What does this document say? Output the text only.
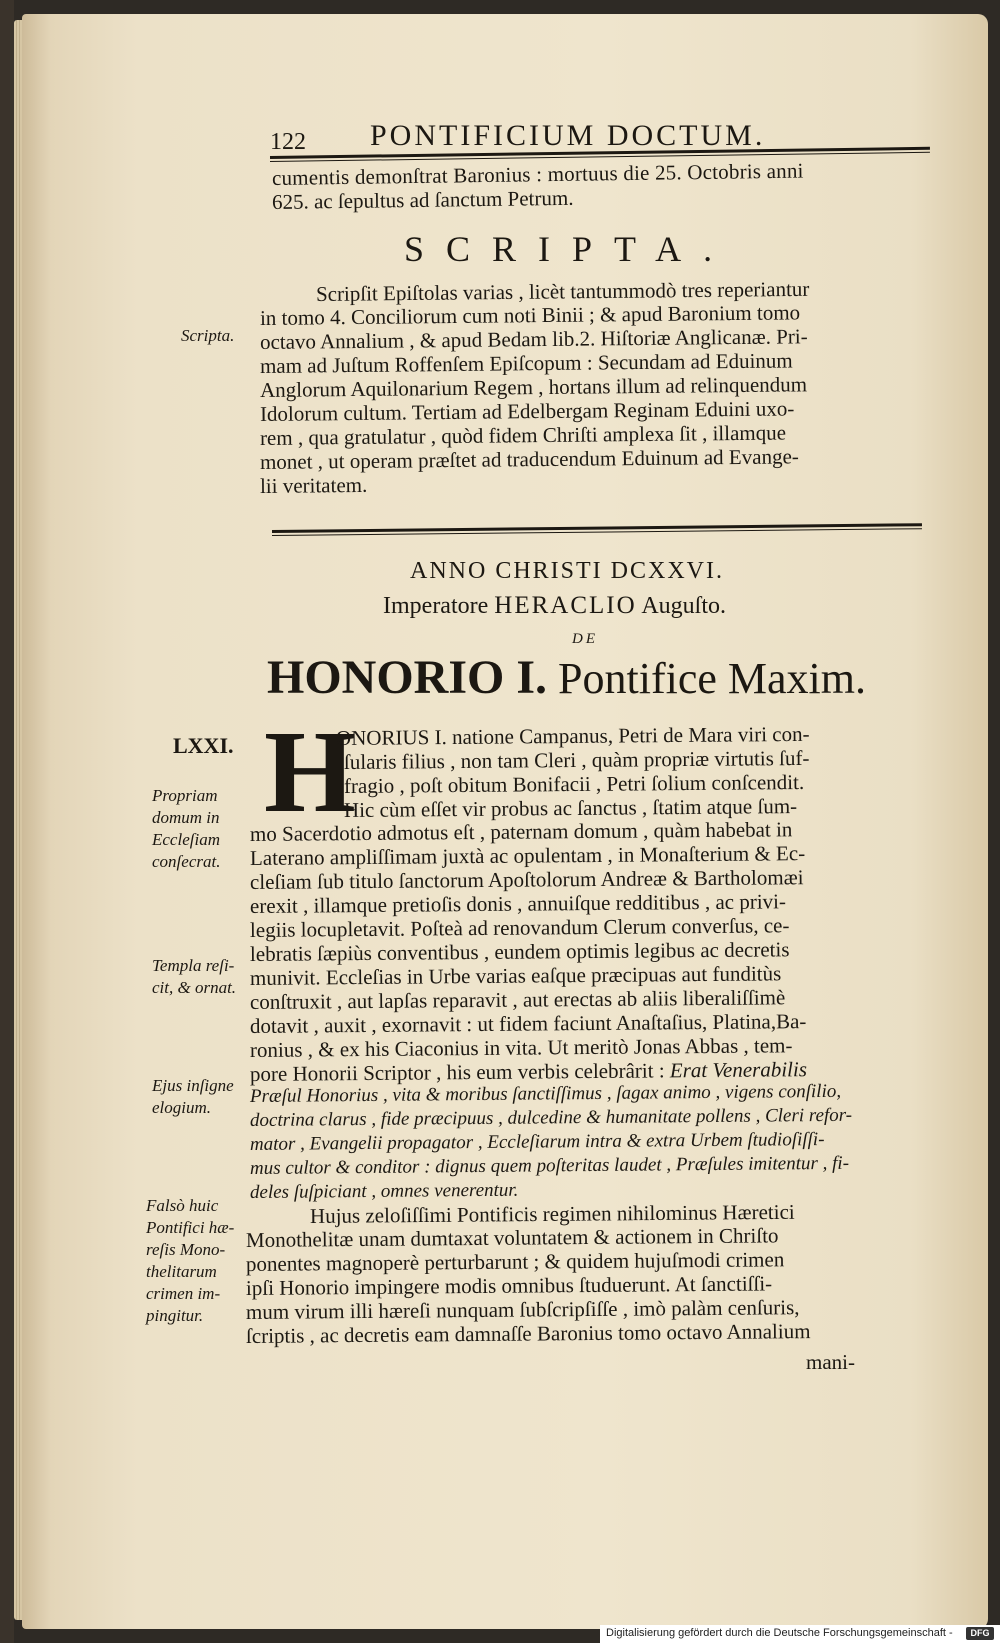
122 PONTIFICIUM DOCTUM.
cumentis demonſtrat Baronius : mortuus die 25. Octobris anni
625. ac ſepultus ad ſanctum Petrum.
SCRIPTA.
Scripta.
Scripſit Epiſtolas varias , licèt tantummodò tres reperiantur
in tomo 4. Conciliorum cum noti Binii ; & apud Baronium tomo
octavo Annalium , & apud Bedam lib.2. Hiſtoriæ Anglicanæ. Pri-
mam ad Juſtum Roffenſem Epiſcopum : Secundam ad Eduinum
Anglorum Aquilonarium Regem , hortans illum ad relinquendum
Idolorum cultum. Tertiam ad Edelbergam Reginam Eduini uxo-
rem , qua gratulatur , quòd fidem Chriſti amplexa ſit , illamque
monet , ut operam præſtet ad traducendum Eduinum ad Evange-
lii veritatem.
ANNO CHRISTI DCXXVI.
Imperatore HERACLIO Auguſto.
DE
HONORIO I. Pontifice Maxim.
LXXI. H
ONORIUS I. natione Campanus, Petri de Mara viri con-
ſularis filius , non tam Cleri , quàm propriæ virtutis ſuf-
fragio , poſt obitum Bonifacii , Petri ſolium conſcendit.
Hic cùm eſſet vir probus ac ſanctus , ſtatim atque ſum-
mo Sacerdotio admotus eſt , paternam domum , quàm habebat in
Laterano ampliſſimam juxtà ac opulentam , in Monaſterium & Ec-
cleſiam ſub titulo ſanctorum Apoſtolorum Andreæ & Bartholomæi
erexit , illamque pretioſis donis , annuiſque redditibus , ac privi-
legiis locupletavit. Poſteà ad renovandum Clerum converſus, ce-
lebratis ſæpiùs conventibus , eundem optimis legibus ac decretis
munivit. Eccleſias in Urbe varias eaſque præcipuas aut funditùs
conſtruxit , aut lapſas reparavit , aut erectas ab aliis liberaliſſimè
dotavit , auxit , exornavit : ut fidem faciunt Anaſtaſius, Platina,Ba-
ronius , & ex his Ciaconius in vita. Ut meritò Jonas Abbas , tem-
pore Honorii Scriptor , his eum verbis celebrârit : Erat Venerabilis
Præſul Honorius , vita & moribus ſanctiſſimus , ſagax animo , vigens conſilio,
doctrina clarus , fide præcipuus , dulcedine & humanitate pollens , Cleri refor-
mator , Evangelii propagator , Eccleſiarum intra & extra Urbem ſtudioſiſſi-
mus cultor & conditor : dignus quem poſteritas laudet , Præſules imitentur , fi-
deles ſuſpiciant , omnes venerentur.
Hujus zeloſiſſimi Pontificis regimen nihilominus Hæretici
Monothelitæ unam dumtaxat voluntatem & actionem in Chriſto
ponentes magnoperè perturbarunt ; & quidem hujuſmodi crimen
ipſi Honorio impingere modis omnibus ſtuduerunt. At ſanctiſſi-
mum virum illi hæreſi nunquam ſubſcripſiſſe , imò palàm cenſuris,
ſcriptis , ac decretis eam damnaſſe Baronius tomo octavo Annalium
mani-
Propriam
domum in
Eccleſiam
conſecrat.
Templa reſi-
cit, & ornat.
Ejus inſigne
elogium.
Falsò huic
Pontifici hæ-
reſis Mono-
thelitarum
crimen im-
pingitur.
Digitalisierung gefördert durch die Deutsche Forschungsgemeinschaft -	DFG
